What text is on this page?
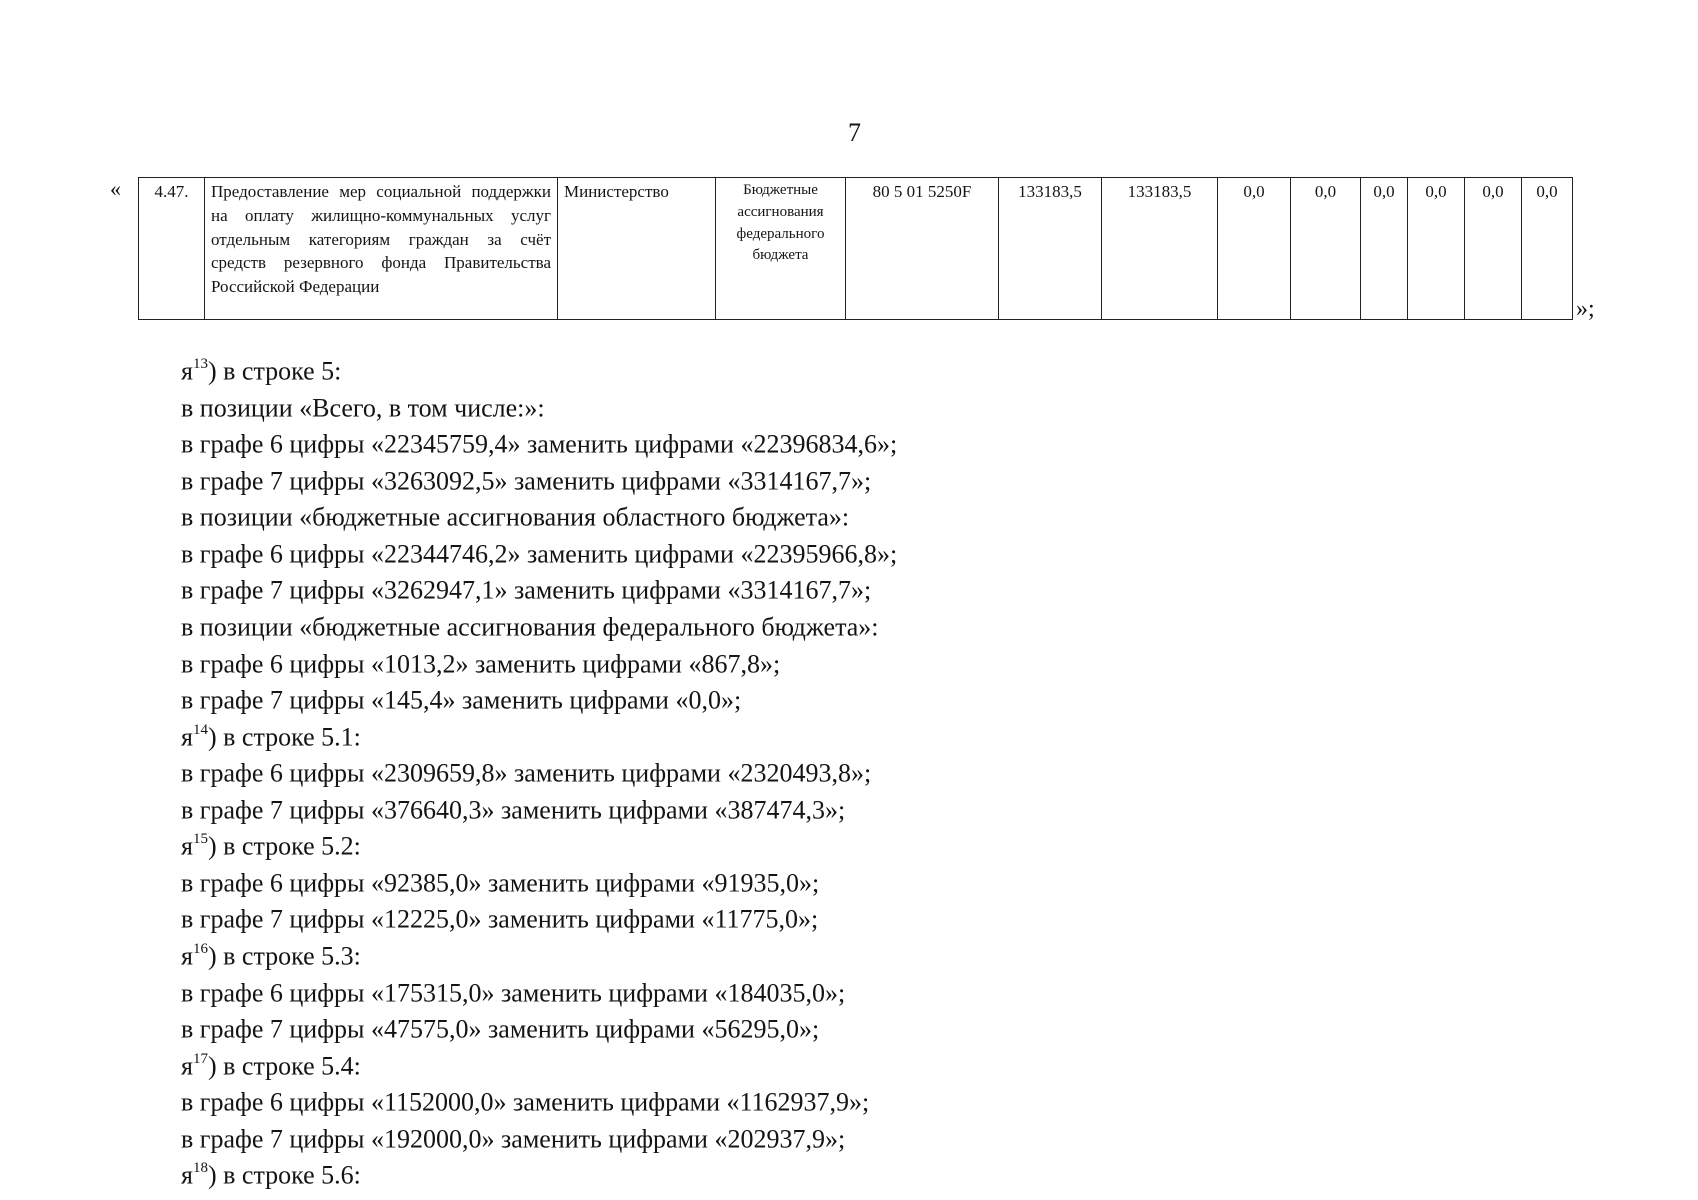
7
« 4.47.	Предоставление мер социальной поддержки на оплату жилищно-коммунальных услуг отдельным категориям граждан за счёт средств резервного фонда Правительства Российской Федерации	Министерство	Бюджетные ассигнования федерального бюджета	80 5 01 5250F	133183,5	133183,5	0,0	0,0	0,0	0,0	0,0	0,0
»;
$я^{13}$) в строке 5:
в позиции «Всего, в том числе:»:
в графе 6 цифры «22345759,4» заменить цифрами «22396834,6»;
в графе 7 цифры «3263092,5» заменить цифрами «3314167,7»;
в позиции «бюджетные ассигнования областного бюджета»:
в графе 6 цифры «22344746,2» заменить цифрами «22395966,8»;
в графе 7 цифры «3262947,1» заменить цифрами «3314167,7»;
в позиции «бюджетные ассигнования федерального бюджета»:
в графе 6 цифры «1013,2» заменить цифрами «867,8»;
в графе 7 цифры «145,4» заменить цифрами «0,0»;
$я^{14}$) в строке 5.1:
в графе 6 цифры «2309659,8» заменить цифрами «2320493,8»;
в графе 7 цифры «376640,3» заменить цифрами «387474,3»;
$я^{15}$) в строке 5.2:
в графе 6 цифры «92385,0» заменить цифрами «91935,0»;
в графе 7 цифры «12225,0» заменить цифрами «11775,0»;
$я^{16}$) в строке 5.3:
в графе 6 цифры «175315,0» заменить цифрами «184035,0»;
в графе 7 цифры «47575,0» заменить цифрами «56295,0»;
$я^{17}$) в строке 5.4:
в графе 6 цифры «1152000,0» заменить цифрами «1162937,9»;
в графе 7 цифры «192000,0» заменить цифрами «202937,9»;
$я^{18}$) в строке 5.6:
